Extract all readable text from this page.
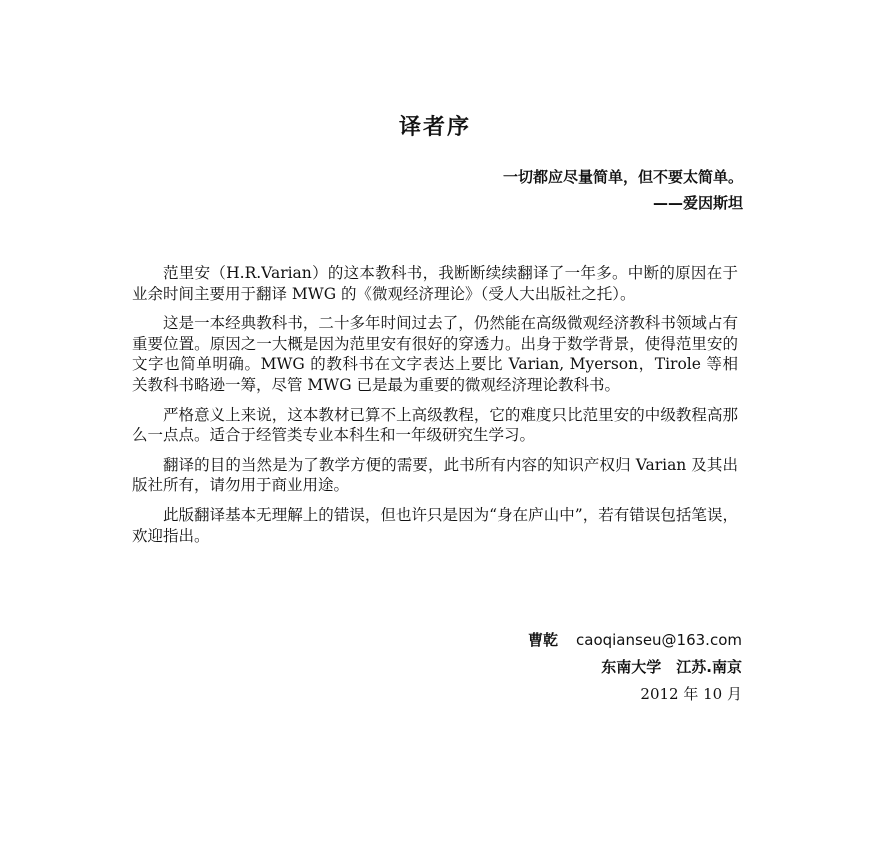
译者序
一切都应尽量简单，但不要太简单。
——爱因斯坦

范里安（H.R.Varian）的这本教科书，我断断续续翻译了一年多。中断的原因在于业余时间主要用于翻译 MWG 的《微观经济理论》（受人大出版社之托）。

这是一本经典教科书，二十多年时间过去了，仍然能在高级微观经济教科书领域占有重要位置。原因之一大概是因为范里安有很好的穿透力。出身于数学背景，使得范里安的文字也简单明确。MWG 的教科书在文字表达上要比 Varian, Myerson，Tirole 等相关教科书略逊一筹，尽管 MWG 已是最为重要的微观经济理论教科书。

严格意义上来说，这本教材已算不上高级教程，它的难度只比范里安的中级教程高那么一点点。适合于经管类专业本科生和一年级研究生学习。

翻译的目的当然是为了教学方便的需要，此书所有内容的知识产权归 Varian 及其出版社所有，请勿用于商业用途。

此版翻译基本无理解上的错误，但也许只是因为“身在庐山中”，若有错误包括笔误，欢迎指出。

曹乾 caoqianseu@163.com
东南大学　江苏.南京
2012 年 10 月
